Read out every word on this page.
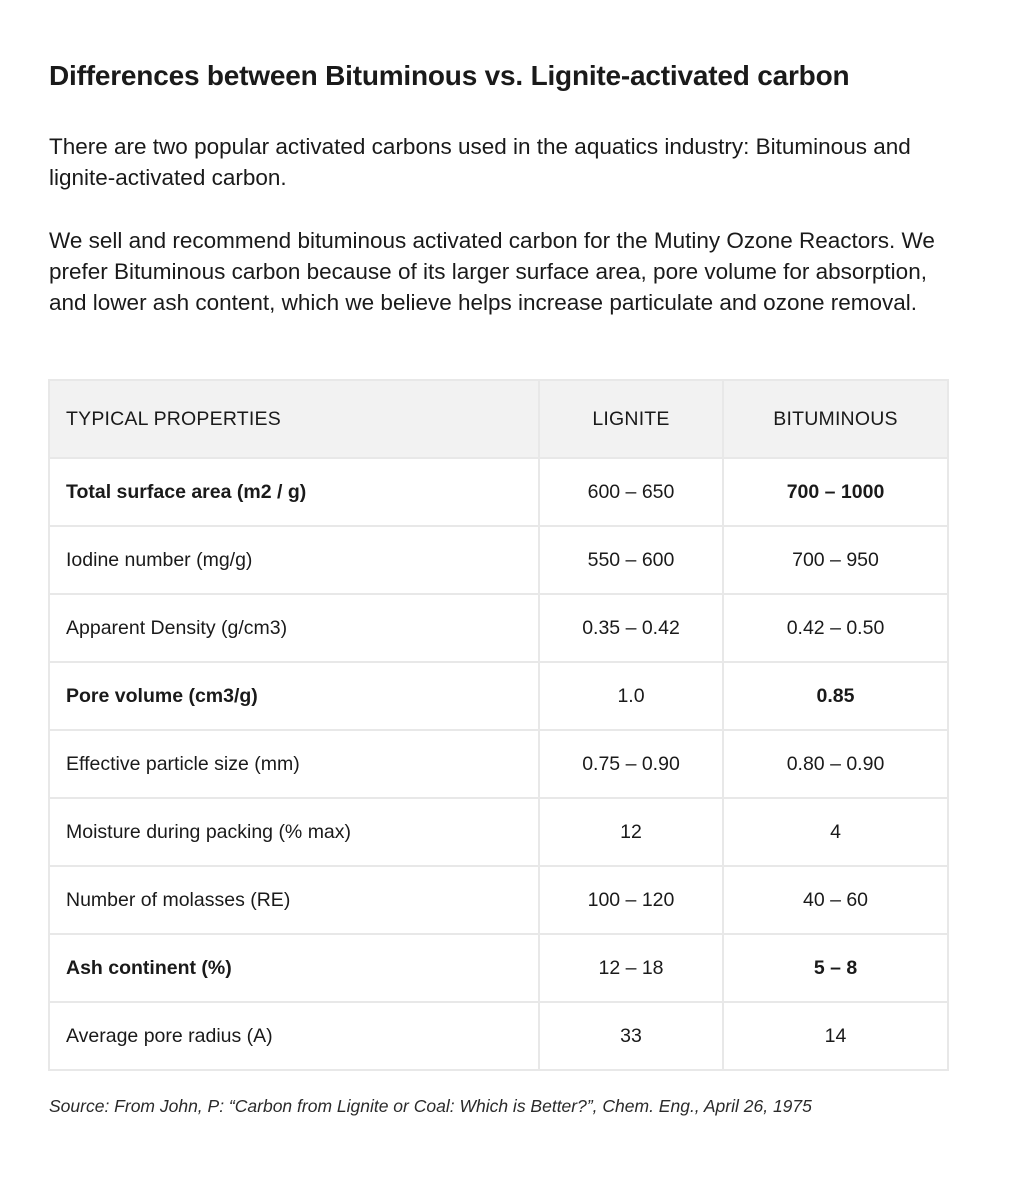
Differences between Bituminous vs. Lignite-activated carbon

There are two popular activated carbons used in the aquatics industry: Bituminous and lignite-activated carbon.

We sell and recommend bituminous activated carbon for the Mutiny Ozone Reactors. We prefer Bituminous carbon because of its larger surface area, pore volume for absorption, and lower ash content, which we believe helps increase particulate and ozone removal.

TYPICAL PROPERTIES	LIGNITE	BITUMINOUS
Total surface area (m2 / g)	600 – 650	700 – 1000
Iodine number (mg/g)	550 – 600	700 – 950
Apparent Density (g/cm3)	0.35 – 0.42	0.42 – 0.50
Pore volume (cm3/g)	1.0	0.85
Effective particle size (mm)	0.75 – 0.90	0.80 – 0.90
Moisture during packing (% max)	12	4
Number of molasses (RE)	100 – 120	40 – 60
Ash continent (%)	12 – 18	5 – 8
Average pore radius (A)	33	14

Source: From John, P: “Carbon from Lignite or Coal: Which is Better?”, Chem. Eng., April 26, 1975
